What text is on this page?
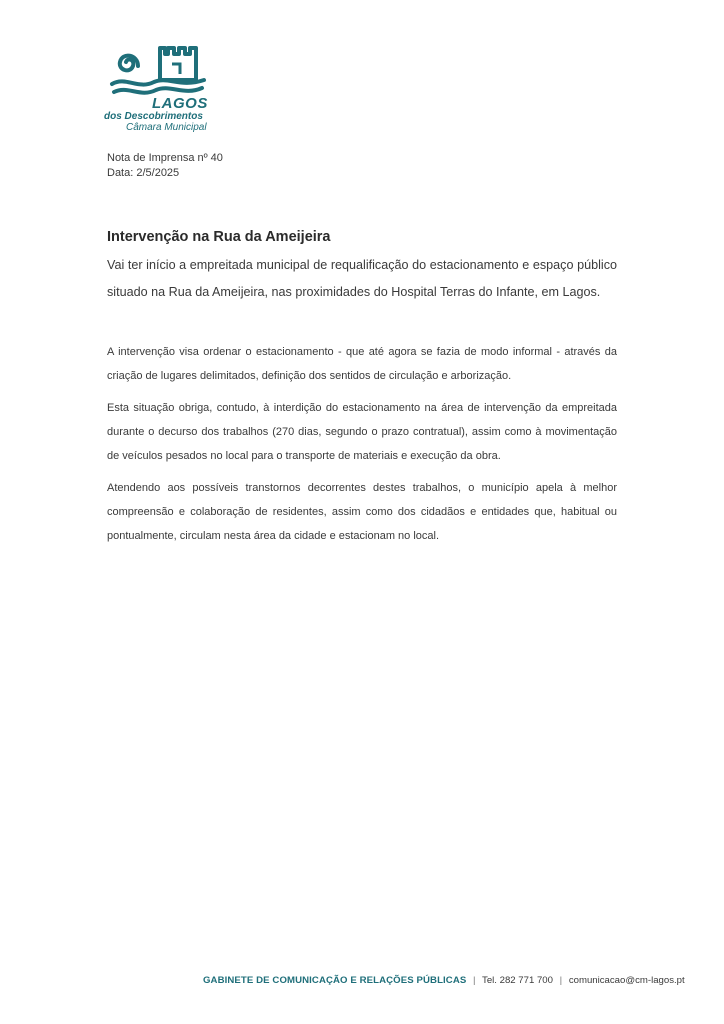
LAGOS
dos Descobrimentos
Câmara Municipal
Nota de Imprensa nº 40
Data: 2/5/2025
Intervenção na Rua da Ameijeira

Vai ter início a empreitada municipal de requalificação do estacionamento e espaço público situado na Rua da Ameijeira, nas proximidades do Hospital Terras do Infante, em Lagos.

A intervenção visa ordenar o estacionamento - que até agora se fazia de modo informal - através da criação de lugares delimitados, definição dos sentidos de circulação e arborização.

Esta situação obriga, contudo, à interdição do estacionamento na área de intervenção da empreitada durante o decurso dos trabalhos (270 dias, segundo o prazo contratual), assim como à movimentação de veículos pesados no local para o transporte de materiais e execução da obra.

Atendendo aos possíveis transtornos decorrentes destes trabalhos, o município apela à melhor compreensão e colaboração de residentes, assim como dos cidadãos e entidades que, habitual ou pontualmente, circulam nesta área da cidade e estacionam no local.

GABINETE DE COMUNICAÇÃO E RELAÇÕES PÚBLICAS | Tel. 282 771 700 | comunicacao@cm-lagos.pt
